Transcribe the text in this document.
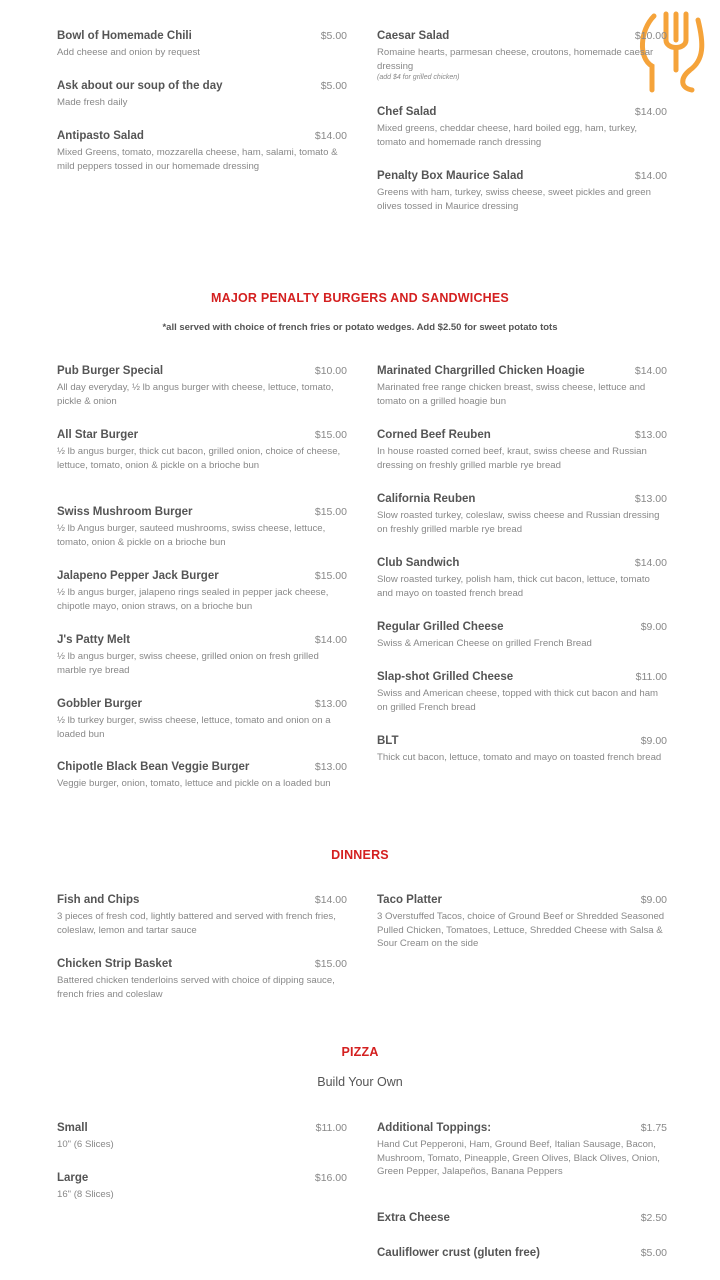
Bowl of Homemade Chili	$5.00
Add cheese and onion by request
Ask about our soup of the day	$5.00
Made fresh daily
Antipasto Salad	$14.00
Mixed Greens, tomato, mozzarella cheese, ham, salami, tomato & mild peppers tossed in our homemade dressing
Caesar Salad	$10.00
Romaine hearts, parmesan cheese, croutons, homemade caesar dressing
(add $4 for grilled chicken)
Chef Salad	$14.00
Mixed greens, cheddar cheese, hard boiled egg, ham, turkey, tomato and homemade ranch dressing
Penalty Box Maurice Salad	$14.00
Greens with ham, turkey, swiss cheese, sweet pickles and green olives tossed in Maurice dressing
MAJOR PENALTY BURGERS AND SANDWICHES
*all served with choice of french fries or potato wedges. Add $2.50 for sweet potato tots
Pub Burger Special	$10.00
All day everyday, ½ lb angus burger with cheese, lettuce, tomato, pickle & onion
All Star Burger	$15.00
½ lb angus burger, thick cut bacon, grilled onion, choice of cheese, lettuce, tomato, onion & pickle on a brioche bun
Swiss Mushroom Burger	$15.00
½ lb Angus burger, sauteed mushrooms, swiss cheese, lettuce, tomato, onion & pickle on a brioche bun
Jalapeno Pepper Jack Burger	$15.00
½ lb angus burger, jalapeno rings sealed in pepper jack cheese, chipotle mayo, onion straws, on a brioche bun
J's Patty Melt	$14.00
½ lb angus burger, swiss cheese, grilled onion on fresh grilled marble rye bread
Gobbler Burger	$13.00
½ lb turkey burger, swiss cheese, lettuce, tomato and onion on a loaded bun
Chipotle Black Bean Veggie Burger	$13.00
Veggie burger, onion, tomato, lettuce and pickle on a loaded bun
Marinated Chargrilled Chicken Hoagie	$14.00
Marinated free range chicken breast, swiss cheese, lettuce and tomato on a grilled hoagie bun
Corned Beef Reuben	$13.00
In house roasted corned beef, kraut, swiss cheese and Russian dressing on freshly grilled marble rye bread
California Reuben	$13.00
Slow roasted turkey, coleslaw, swiss cheese and Russian dressing on freshly grilled marble rye bread
Club Sandwich	$14.00
Slow roasted turkey, polish ham, thick cut bacon, lettuce, tomato and mayo on toasted french bread
Regular Grilled Cheese	$9.00
Swiss & American Cheese on grilled French Bread
Slap-shot Grilled Cheese	$11.00
Swiss and American cheese, topped with thick cut bacon and ham on grilled French bread
BLT	$9.00
Thick cut bacon, lettuce, tomato and mayo on toasted french bread
DINNERS
Fish and Chips	$14.00
3 pieces of fresh cod, lightly battered and served with french fries, coleslaw, lemon and tartar sauce
Chicken Strip Basket	$15.00
Battered chicken tenderloins served with choice of dipping sauce, french fries and coleslaw
Taco Platter	$9.00
3 Overstuffed Tacos, choice of Ground Beef or Shredded Seasoned Pulled Chicken, Tomatoes, Lettuce, Shredded Cheese with Salsa & Sour Cream on the side
PIZZA
Build Your Own
Small	$11.00
10" (6 Slices)
Large	$16.00
16" (8 Slices)
Additional Toppings:	$1.75
Hand Cut Pepperoni, Ham, Ground Beef, Italian Sausage, Bacon, Mushroom, Tomato, Pineapple, Green Olives, Black Olives, Onion, Green Pepper, Jalapeños, Banana Peppers
Extra Cheese	$2.50
Cauliflower crust (gluten free)	$5.00
